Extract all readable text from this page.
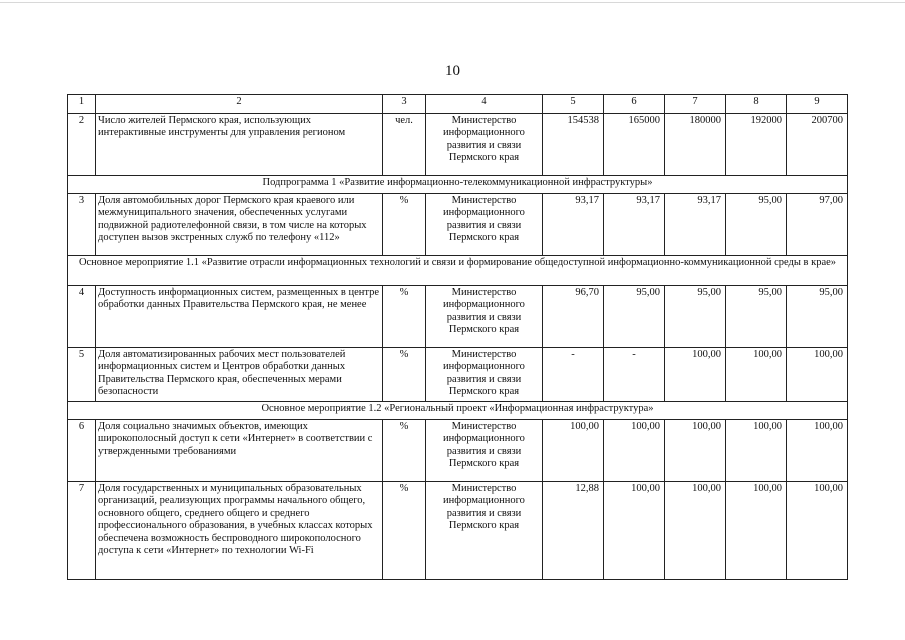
10
1	2	3	4	5	6	7	8	9
2	Число жителей Пермского края, использующих интерактивные инструменты для управления регионом	чел.	Министерство информационного развития и связи Пермского края	154538	165000	180000	192000	200700
Подпрограмма 1 «Развитие информационно-телекоммуникационной инфраструктуры»								
3	Доля автомобильных дорог Пермского края краевого или межмуниципального значения, обеспеченных услугами подвижной радиотелефонной связи, в том числе на которых доступен вызов экстренных служб по телефону «112»	%	Министерство информационного развития и связи Пермского края	93,17	93,17	93,17	95,00	97,00
Основное мероприятие 1.1 «Развитие отрасли информационных технологий и связи и формирование общедоступной информационно-коммуникационной среды в крае»								
4	Доступность информационных систем, размещенных в центре обработки данных Правительства Пермского края, не менее	%	Министерство информационного развития и связи Пермского края	96,70	95,00	95,00	95,00	95,00
5	Доля автоматизированных рабочих мест пользователей информационных систем и Центров обработки данных Правительства Пермского края, обеспеченных мерами безопасности	%	Министерство информационного развития и связи Пермского края	-	-	100,00	100,00	100,00
Основное мероприятие 1.2 «Региональный проект «Информационная инфраструктура»								
6	Доля социально значимых объектов, имеющих широкополосный доступ к сети «Интернет» в соответствии с утвержденными требованиями	%	Министерство информационного развития и связи Пермского края	100,00	100,00	100,00	100,00	100,00
7	Доля государственных и муниципальных образовательных организаций, реализующих программы начального общего, основного общего, среднего общего и среднего профессионального образования, в учебных классах которых обеспечена возможность беспроводного широкополосного доступа к сети «Интернет» по технологии Wi-Fi	%	Министерство информационного развития и связи Пермского края	12,88	100,00	100,00	100,00	100,00
